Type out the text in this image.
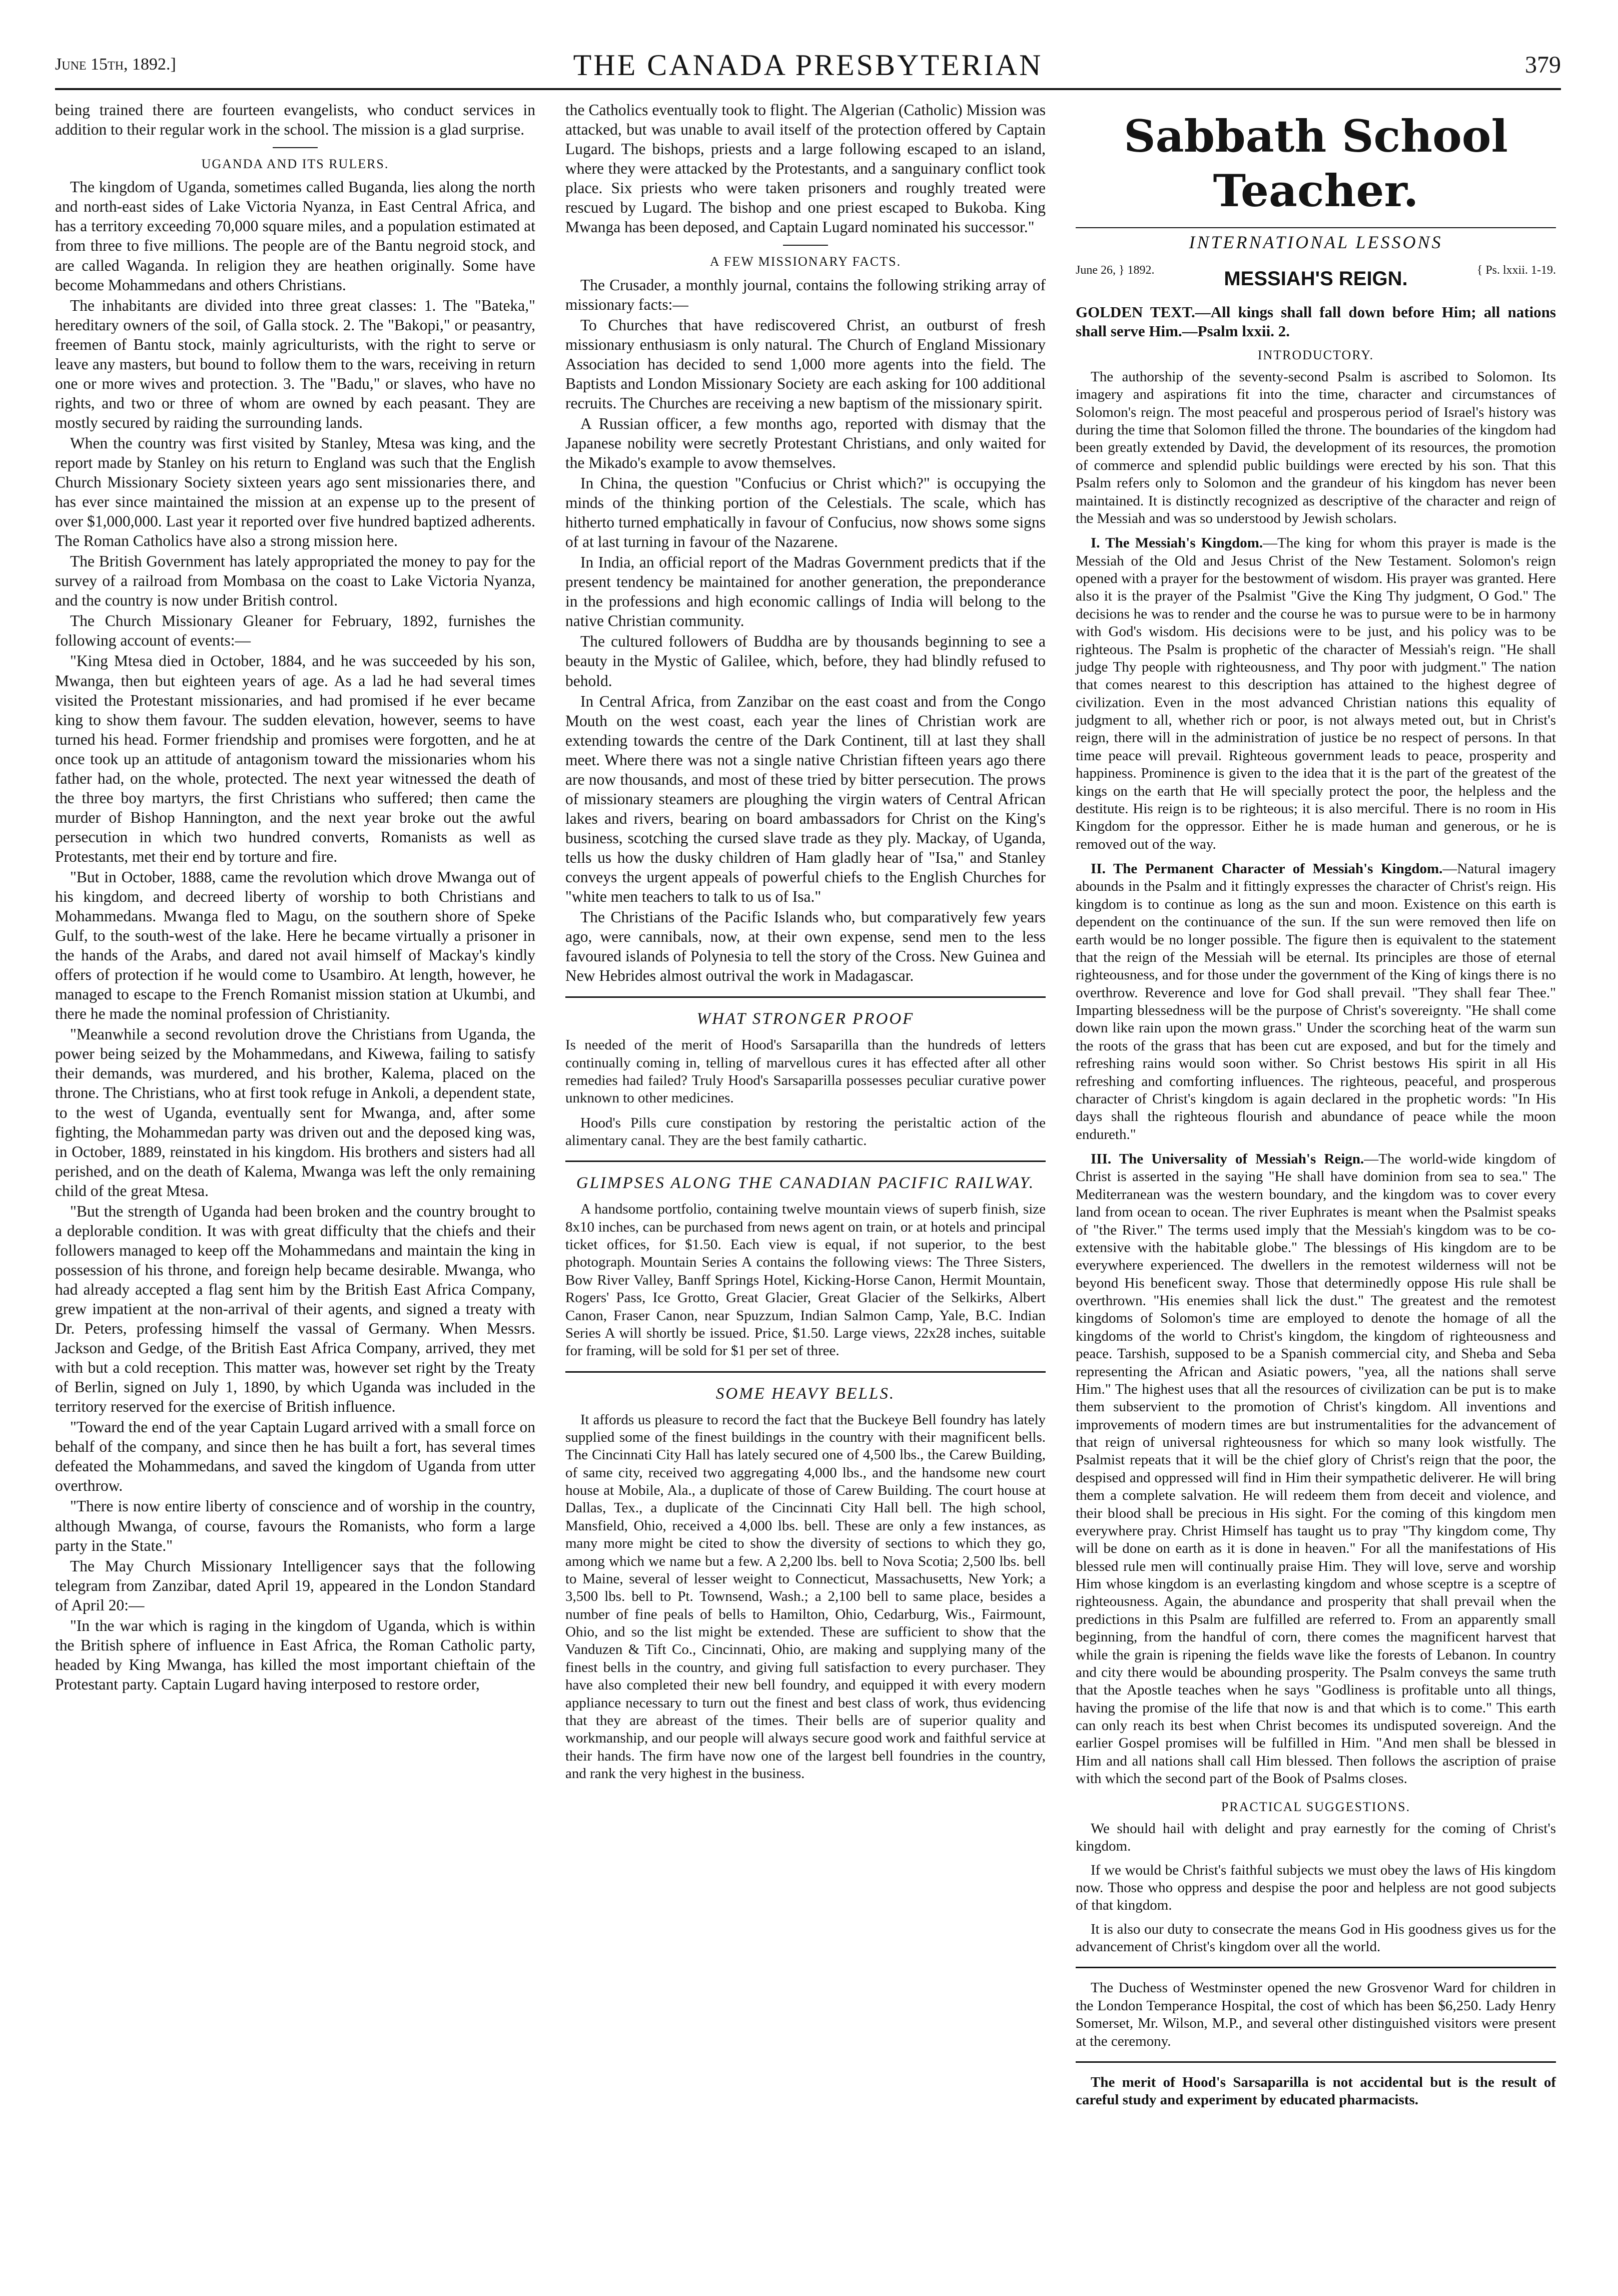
June 15th, 1892.]	THE CANADA PRESBYTERIAN	379

being trained there are fourteen evangelists, who conduct services in addition to their regular work in the school. The mission is a glad surprise.

UGANDA AND ITS RULERS.

The kingdom of Uganda, sometimes called Buganda, lies along the north and north-east sides of Lake Victoria Nyanza, in East Central Africa, and has a territory exceeding 70,000 square miles, and a population estimated at from three to five millions. The people are of the Bantu negroid stock, and are called Waganda. In religion they are heathen originally. Some have become Mohammedans and others Christians.

The inhabitants are divided into three great classes: 1. The "Bateka," hereditary owners of the soil, of Galla stock. 2. The "Bakopi," or peasantry, freemen of Bantu stock, mainly agriculturists, with the right to serve or leave any masters, but bound to follow them to the wars, receiving in return one or more wives and protection. 3. The "Badu," or slaves, who have no rights, and two or three of whom are owned by each peasant. They are mostly secured by raiding the surrounding lands.

When the country was first visited by Stanley, Mtesa was king, and the report made by Stanley on his return to England was such that the English Church Missionary Society sixteen years ago sent missionaries there, and has ever since maintained the mission at an expense up to the present of over $1,000,000. Last year it reported over five hundred baptized adherents. The Roman Catholics have also a strong mission here.

The British Government has lately appropriated the money to pay for the survey of a railroad from Mombasa on the coast to Lake Victoria Nyanza, and the country is now under British control.

The Church Missionary Gleaner for February, 1892, furnishes the following account of events:—

"King Mtesa died in October, 1884, and he was succeeded by his son, Mwanga, then but eighteen years of age. As a lad he had several times visited the Protestant missionaries, and had promised if he ever became king to show them favour. The sudden elevation, however, seems to have turned his head. Former friendship and promises were forgotten, and he at once took up an attitude of antagonism toward the missionaries whom his father had, on the whole, protected. The next year witnessed the death of the three boy martyrs, the first Christians who suffered; then came the murder of Bishop Hannington, and the next year broke out the awful persecution in which two hundred converts, Romanists as well as Protestants, met their end by torture and fire.

"But in October, 1888, came the revolution which drove Mwanga out of his kingdom, and decreed liberty of worship to both Christians and Mohammedans. Mwanga fled to Magu, on the southern shore of Speke Gulf, to the south-west of the lake. Here he became virtually a prisoner in the hands of the Arabs, and dared not avail himself of Mackay's kindly offers of protection if he would come to Usambiro. At length, however, he managed to escape to the French Romanist mission station at Ukumbi, and there he made the nominal profession of Christianity.

"Meanwhile a second revolution drove the Christians from Uganda, the power being seized by the Mohammedans, and Kiwewa, failing to satisfy their demands, was murdered, and his brother, Kalema, placed on the throne. The Christians, who at first took refuge in Ankoli, a dependent state, to the west of Uganda, eventually sent for Mwanga, and, after some fighting, the Mohammedan party was driven out and the deposed king was, in October, 1889, reinstated in his kingdom. His brothers and sisters had all perished, and on the death of Kalema, Mwanga was left the only remaining child of the great Mtesa.

"But the strength of Uganda had been broken and the country brought to a deplorable condition. It was with great difficulty that the chiefs and their followers managed to keep off the Mohammedans and maintain the king in possession of his throne, and foreign help became desirable. Mwanga, who had already accepted a flag sent him by the British East Africa Company, grew impatient at the non-arrival of their agents, and signed a treaty with Dr. Peters, professing himself the vassal of Germany. When Messrs. Jackson and Gedge, of the British East Africa Company, arrived, they met with but a cold reception. This matter was, however set right by the Treaty of Berlin, signed on July 1, 1890, by which Uganda was included in the territory reserved for the exercise of British influence.

"Toward the end of the year Captain Lugard arrived with a small force on behalf of the company, and since then he has built a fort, has several times defeated the Mohammedans, and saved the kingdom of Uganda from utter overthrow.

"There is now entire liberty of conscience and of worship in the country, although Mwanga, of course, favours the Romanists, who form a large party in the State."

The May Church Missionary Intelligencer says that the following telegram from Zanzibar, dated April 19, appeared in the London Standard of April 20:—

"In the war which is raging in the kingdom of Uganda, which is within the British sphere of influence in East Africa, the Roman Catholic party, headed by King Mwanga, has killed the most important chieftain of the Protestant party. Captain Lugard having interposed to restore order,

the Catholics eventually took to flight. The Algerian (Catholic) Mission was attacked, but was unable to avail itself of the protection offered by Captain Lugard. The bishops, priests and a large following escaped to an island, where they were attacked by the Protestants, and a sanguinary conflict took place. Six priests who were taken prisoners and roughly treated were rescued by Lugard. The bishop and one priest escaped to Bukoba. King Mwanga has been deposed, and Captain Lugard nominated his successor."

A FEW MISSIONARY FACTS.

The Crusader, a monthly journal, contains the following striking array of missionary facts:—

To Churches that have rediscovered Christ, an outburst of fresh missionary enthusiasm is only natural. The Church of England Missionary Association has decided to send 1,000 more agents into the field. The Baptists and London Missionary Society are each asking for 100 additional recruits. The Churches are receiving a new baptism of the missionary spirit.

A Russian officer, a few months ago, reported with dismay that the Japanese nobility were secretly Protestant Christians, and only waited for the Mikado's example to avow themselves.

In China, the question "Confucius or Christ which?" is occupying the minds of the thinking portion of the Celestials. The scale, which has hitherto turned emphatically in favour of Confucius, now shows some signs of at last turning in favour of the Nazarene.

In India, an official report of the Madras Government predicts that if the present tendency be maintained for another generation, the preponderance in the professions and high economic callings of India will belong to the native Christian community.

The cultured followers of Buddha are by thousands beginning to see a beauty in the Mystic of Galilee, which, before, they had blindly refused to behold.

In Central Africa, from Zanzibar on the east coast and from the Congo Mouth on the west coast, each year the lines of Christian work are extending towards the centre of the Dark Continent, till at last they shall meet. Where there was not a single native Christian fifteen years ago there are now thousands, and most of these tried by bitter persecution. The prows of missionary steamers are ploughing the virgin waters of Central African lakes and rivers, bearing on board ambassadors for Christ on the King's business, scotching the cursed slave trade as they ply. Mackay, of Uganda, tells us how the dusky children of Ham gladly hear of "Isa," and Stanley conveys the urgent appeals of powerful chiefs to the English Churches for "white men teachers to talk to us of Isa."

The Christians of the Pacific Islands who, but comparatively few years ago, were cannibals, now, at their own expense, send men to the less favoured islands of Polynesia to tell the story of the Cross. New Guinea and New Hebrides almost outrival the work in Madagascar.

WHAT STRONGER PROOF

Is needed of the merit of Hood's Sarsaparilla than the hundreds of letters continually coming in, telling of marvellous cures it has effected after all other remedies had failed? Truly Hood's Sarsaparilla possesses peculiar curative power unknown to other medicines.

Hood's Pills cure constipation by restoring the peristaltic action of the alimentary canal. They are the best family cathartic.

GLIMPSES ALONG THE CANADIAN PACIFIC RAILWAY.

A handsome portfolio, containing twelve mountain views of superb finish, size 8x10 inches, can be purchased from news agent on train, or at hotels and principal ticket offices, for $1.50. Each view is equal, if not superior, to the best photograph. Mountain Series A contains the following views: The Three Sisters, Bow River Valley, Banff Springs Hotel, Kicking-Horse Canon, Hermit Mountain, Rogers' Pass, Ice Grotto, Great Glacier, Great Glacier of the Selkirks, Albert Canon, Fraser Canon, near Spuzzum, Indian Salmon Camp, Yale, B.C. Indian Series A will shortly be issued. Price, $1.50. Large views, 22x28 inches, suitable for framing, will be sold for $1 per set of three.

SOME HEAVY BELLS.

It affords us pleasure to record the fact that the Buckeye Bell foundry has lately supplied some of the finest buildings in the country with their magnificent bells. The Cincinnati City Hall has lately secured one of 4,500 lbs., the Carew Building, of same city, received two aggregating 4,000 lbs., and the handsome new court house at Mobile, Ala., a duplicate of those of Carew Building. The court house at Dallas, Tex., a duplicate of the Cincinnati City Hall bell. The high school, Mansfield, Ohio, received a 4,000 lbs. bell. These are only a few instances, as many more might be cited to show the diversity of sections to which they go, among which we name but a few. A 2,200 lbs. bell to Nova Scotia; 2,500 lbs. bell to Maine, several of lesser weight to Connecticut, Massachusetts, New York; a 3,500 lbs. bell to Pt. Townsend, Wash.; a 2,100 bell to same place, besides a number of fine peals of bells to Hamilton, Ohio, Cedarburg, Wis., Fairmount, Ohio, and so the list might be extended. These are sufficient to show that the Vanduzen & Tift Co., Cincinnati, Ohio, are making and supplying many of the finest bells in the country, and giving full satisfaction to every purchaser. They have also completed their new bell foundry, and equipped it with every modern appliance necessary to turn out the finest and best class of work, thus evidencing that they are abreast of the times. Their bells are of superior quality and workmanship, and our people will always secure good work and faithful service at their hands. The firm have now one of the largest bell foundries in the country, and rank the very highest in the business.

Sabbath School Teacher.
INTERNATIONAL LESSONS
June 26, } 1892.	MESSIAH'S REIGN.	{ Ps. lxxii. 1-19.
GOLDEN TEXT.—All kings shall fall down before Him; all nations shall serve Him.—Psalm lxxii. 2.
INTRODUCTORY.

The authorship of the seventy-second Psalm is ascribed to Solomon. Its imagery and aspirations fit into the time, character and circumstances of Solomon's reign. The most peaceful and prosperous period of Israel's history was during the time that Solomon filled the throne. The boundaries of the kingdom had been greatly extended by David, the development of its resources, the promotion of commerce and splendid public buildings were erected by his son. That this Psalm refers only to Solomon and the grandeur of his kingdom has never been maintained. It is distinctly recognized as descriptive of the character and reign of the Messiah and was so understood by Jewish scholars.

I. The Messiah's Kingdom.—The king for whom this prayer is made is the Messiah of the Old and Jesus Christ of the New Testament. Solomon's reign opened with a prayer for the bestowment of wisdom. His prayer was granted. Here also it is the prayer of the Psalmist "Give the King Thy judgment, O God." The decisions he was to render and the course he was to pursue were to be in harmony with God's wisdom. His decisions were to be just, and his policy was to be righteous. The Psalm is prophetic of the character of Messiah's reign. "He shall judge Thy people with righteousness, and Thy poor with judgment." The nation that comes nearest to this description has attained to the highest degree of civilization. Even in the most advanced Christian nations this equality of judgment to all, whether rich or poor, is not always meted out, but in Christ's reign, there will in the administration of justice be no respect of persons. In that time peace will prevail. Righteous government leads to peace, prosperity and happiness. Prominence is given to the idea that it is the part of the greatest of the kings on the earth that He will specially protect the poor, the helpless and the destitute. His reign is to be righteous; it is also merciful. There is no room in His Kingdom for the oppressor. Either he is made human and generous, or he is removed out of the way.

II. The Permanent Character of Messiah's Kingdom.—Natural imagery abounds in the Psalm and it fittingly expresses the character of Christ's reign. His kingdom is to continue as long as the sun and moon. Existence on this earth is dependent on the continuance of the sun. If the sun were removed then life on earth would be no longer possible. The figure then is equivalent to the statement that the reign of the Messiah will be eternal. Its principles are those of eternal righteousness, and for those under the government of the King of kings there is no overthrow. Reverence and love for God shall prevail. "They shall fear Thee." Imparting blessedness will be the purpose of Christ's sovereignty. "He shall come down like rain upon the mown grass." Under the scorching heat of the warm sun the roots of the grass that has been cut are exposed, and but for the timely and refreshing rains would soon wither. So Christ bestows His spirit in all His refreshing and comforting influences. The righteous, peaceful, and prosperous character of Christ's kingdom is again declared in the prophetic words: "In His days shall the righteous flourish and abundance of peace while the moon endureth."

III. The Universality of Messiah's Reign.—The world-wide kingdom of Christ is asserted in the saying "He shall have dominion from sea to sea." The Mediterranean was the western boundary, and the kingdom was to cover every land from ocean to ocean. The river Euphrates is meant when the Psalmist speaks of "the River." The terms used imply that the Messiah's kingdom was to be co-extensive with the habitable globe." The blessings of His kingdom are to be everywhere experienced. The dwellers in the remotest wilderness will not be beyond His beneficent sway. Those that determinedly oppose His rule shall be overthrown. "His enemies shall lick the dust." The greatest and the remotest kingdoms of Solomon's time are employed to denote the homage of all the kingdoms of the world to Christ's kingdom, the kingdom of righteousness and peace. Tarshish, supposed to be a Spanish commercial city, and Sheba and Seba representing the African and Asiatic powers, "yea, all the nations shall serve Him." The highest uses that all the resources of civilization can be put is to make them subservient to the promotion of Christ's kingdom. All inventions and improvements of modern times are but instrumentalities for the advancement of that reign of universal righteousness for which so many look wistfully. The Psalmist repeats that it will be the chief glory of Christ's reign that the poor, the despised and oppressed will find in Him their sympathetic deliverer. He will bring them a complete salvation. He will redeem them from deceit and violence, and their blood shall be precious in His sight. For the coming of this kingdom men everywhere pray. Christ Himself has taught us to pray "Thy kingdom come, Thy will be done on earth as it is done in heaven." For all the manifestations of His blessed rule men will continually praise Him. They will love, serve and worship Him whose kingdom is an everlasting kingdom and whose sceptre is a sceptre of righteousness. Again, the abundance and prosperity that shall prevail when the predictions in this Psalm are fulfilled are referred to. From an apparently small beginning, from the handful of corn, there comes the magnificent harvest that while the grain is ripening the fields wave like the forests of Lebanon. In country and city there would be abounding prosperity. The Psalm conveys the same truth that the Apostle teaches when he says "Godliness is profitable unto all things, having the promise of the life that now is and that which is to come." This earth can only reach its best when Christ becomes its undisputed sovereign. And the earlier Gospel promises will be fulfilled in Him. "And men shall be blessed in Him and all nations shall call Him blessed. Then follows the ascription of praise with which the second part of the Book of Psalms closes.

PRACTICAL SUGGESTIONS.

We should hail with delight and pray earnestly for the coming of Christ's kingdom.

If we would be Christ's faithful subjects we must obey the laws of His kingdom now. Those who oppress and despise the poor and helpless are not good subjects of that kingdom.

It is also our duty to consecrate the means God in His goodness gives us for the advancement of Christ's kingdom over all the world.

The Duchess of Westminster opened the new Grosvenor Ward for children in the London Temperance Hospital, the cost of which has been $6,250. Lady Henry Somerset, Mr. Wilson, M.P., and several other distinguished visitors were present at the ceremony.

The merit of Hood's Sarsaparilla is not accidental but is the result of careful study and experiment by educated pharmacists.
